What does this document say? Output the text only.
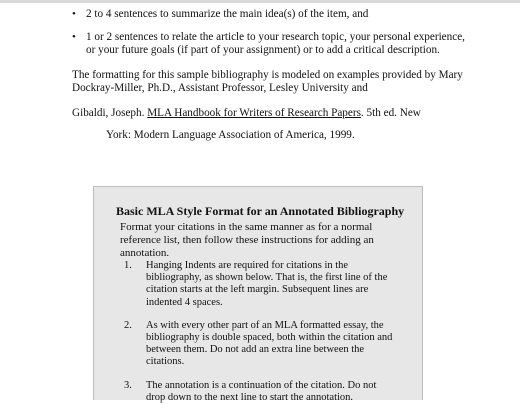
• 2 to 4 sentences to summarize the main idea(s) of the item, and
• 1 or 2 sentences to relate the article to your research topic, your personal experience, or your future goals (if part of your assignment) or to add a critical description.

The formatting for this sample bibliography is modeled on examples provided by Mary
Dockray-Miller, Ph.D., Assistant Professor, Lesley University and

Gibaldi, Joseph. MLA Handbook for Writers of Research Papers. 5th ed. New

York: Modern Language Association of America, 1999.

Basic MLA Style Format for an Annotated Bibliography

Format your citations in the same manner as for a normal reference list, then follow these instructions for adding an annotation.

1. Hanging Indents are required for citations in the bibliography, as shown below. That is, the first line of the citation starts at the left margin. Subsequent lines are indented 4 spaces.
2. As with every other part of an MLA formatted essay, the bibliography is double spaced, both within the citation and between them. Do not add an extra line between the citations.
3. The annotation is a continuation of the citation. Do not drop down to the next line to start the annotation.
